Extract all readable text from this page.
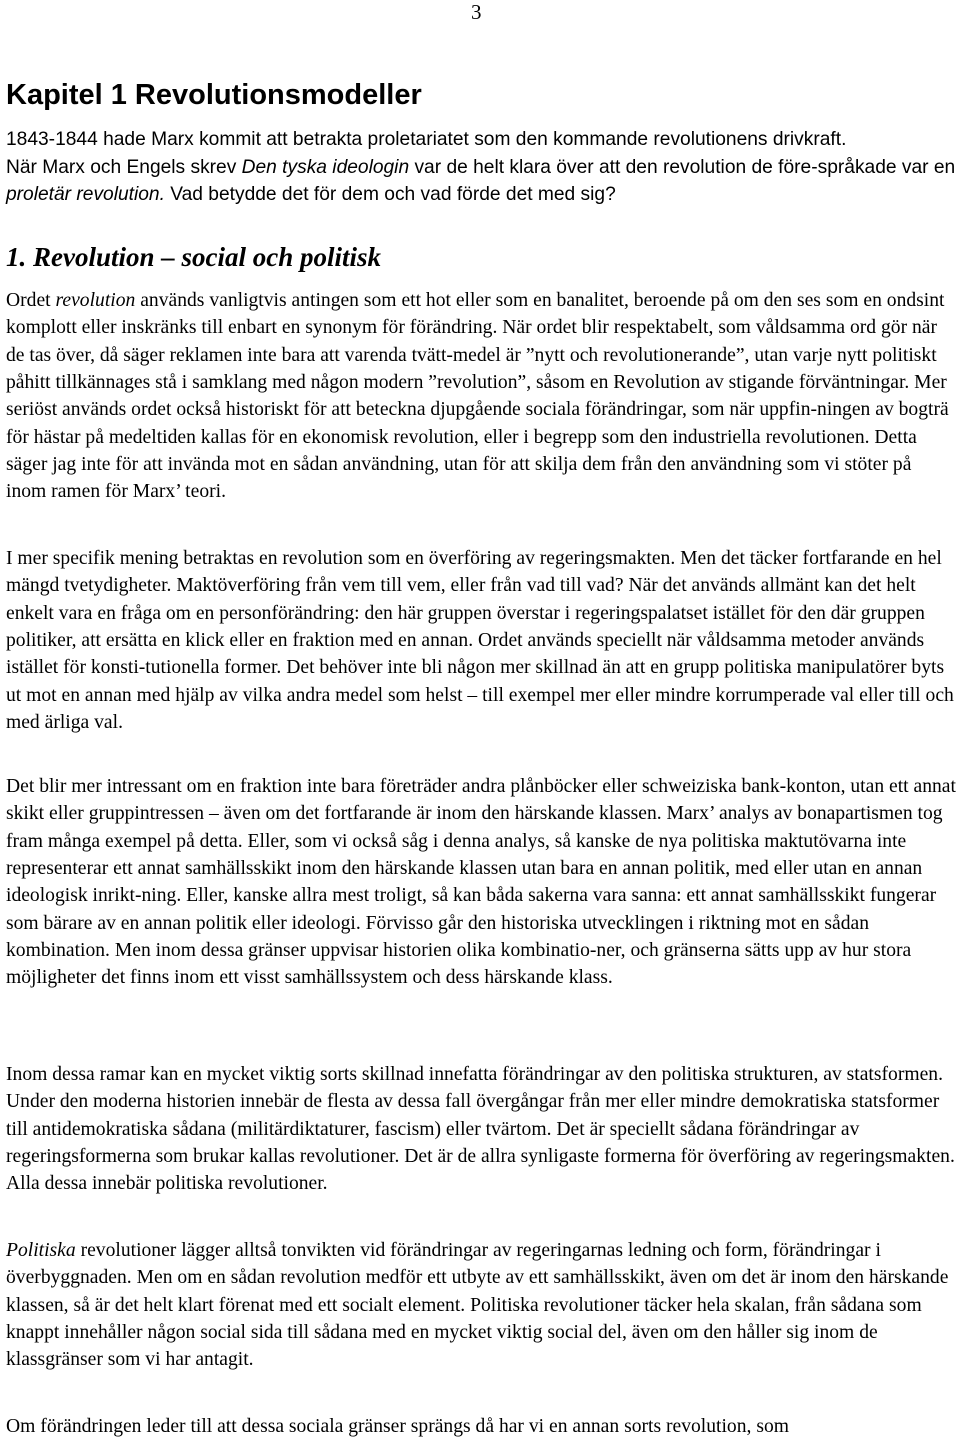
3
Kapitel 1 Revolutionsmodeller

1843-1844 hade Marx kommit att betrakta proletariatet som den kommande revolutionens drivkraft.
När Marx och Engels skrev Den tyska ideologin var de helt klara över att den revolution de före-språkade var en proletär revolution. Vad betydde det för dem och vad förde det med sig?

1. Revolution – social och politisk

Ordet revolution används vanligtvis antingen som ett hot eller som en banalitet, beroende på om den ses som en ondsint komplott eller inskränks till enbart en synonym för förändring. När ordet blir respektabelt, som våldsamma ord gör när de tas över, då säger reklamen inte bara att varenda tvätt-medel är ”nytt och revolutionerande”, utan varje nytt politiskt påhitt tillkännages stå i samklang med någon modern ”revolution”, såsom en Revolution av stigande förväntningar. Mer seriöst används ordet också historiskt för att beteckna djupgående sociala förändringar, som när uppfin-ningen av bogträ för hästar på medeltiden kallas för en ekonomisk revolution, eller i begrepp som den industriella revolutionen. Detta säger jag inte för att invända mot en sådan användning, utan för att skilja dem från den användning som vi stöter på inom ramen för Marx’ teori.

I mer specifik mening betraktas en revolution som en överföring av regeringsmakten. Men det täcker fortfarande en hel mängd tvetydigheter. Maktöverföring från vem till vem, eller från vad till vad? När det används allmänt kan det helt enkelt vara en fråga om en personförändring: den här gruppen överstar i regeringspalatset istället för den där gruppen politiker, att ersätta en klick eller en fraktion med en annan. Ordet används speciellt när våldsamma metoder används istället för konsti-tutionella former. Det behöver inte bli någon mer skillnad än att en grupp politiska manipulatörer byts ut mot en annan med hjälp av vilka andra medel som helst – till exempel mer eller mindre korrumperade val eller till och med ärliga val.

Det blir mer intressant om en fraktion inte bara företräder andra plånböcker eller schweiziska bank-konton, utan ett annat skikt eller gruppintressen – även om det fortfarande är inom den härskande klassen. Marx’ analys av bonapartismen tog fram många exempel på detta. Eller, som vi också såg i denna analys, så kanske de nya politiska maktutövarna inte representerar ett annat samhällsskikt inom den härskande klassen utan bara en annan politik, med eller utan en annan ideologisk inrikt-ning. Eller, kanske allra mest troligt, så kan båda sakerna vara sanna: ett annat samhällsskikt fungerar som bärare av en annan politik eller ideologi. Förvisso går den historiska utvecklingen i riktning mot en sådan kombination. Men inom dessa gränser uppvisar historien olika kombinatio-ner, och gränserna sätts upp av hur stora möjligheter det finns inom ett visst samhällssystem och dess härskande klass.

Inom dessa ramar kan en mycket viktig sorts skillnad innefatta förändringar av den politiska strukturen, av statsformen. Under den moderna historien innebär de flesta av dessa fall övergångar från mer eller mindre demokratiska statsformer till antidemokratiska sådana (militärdiktaturer, fascism) eller tvärtom. Det är speciellt sådana förändringar av regeringsformerna som brukar kallas revolutioner. Det är de allra synligaste formerna för överföring av regeringsmakten. Alla dessa innebär politiska revolutioner.

Politiska revolutioner lägger alltså tonvikten vid förändringar av regeringarnas ledning och form, förändringar i överbyggnaden. Men om en sådan revolution medför ett utbyte av ett samhällsskikt, även om det är inom den härskande klassen, så är det helt klart förenat med ett socialt element. Politiska revolutioner täcker hela skalan, från sådana som knappt innehåller någon social sida till sådana med en mycket viktig social del, även om den håller sig inom de klassgränser som vi har antagit.

Om förändringen leder till att dessa sociala gränser sprängs då har vi en annan sorts revolution, som
